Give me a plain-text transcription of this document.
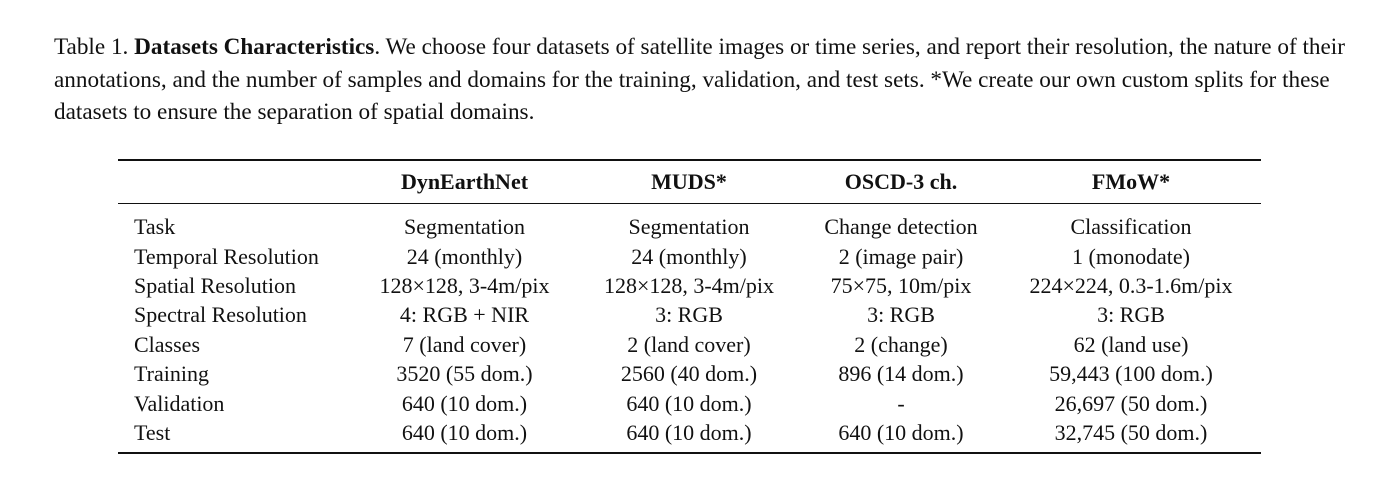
Table 1. Datasets Characteristics. We choose four datasets of satellite images or time series, and report their resolution, the nature of their annotations, and the number of samples and domains for the training, validation, and test sets. *We create our own custom splits for these datasets to ensure the separation of spatial domains.

	DynEarthNet	MUDS*	OSCD-3 ch.	FMoW*
Task	Segmentation	Segmentation	Change detection	Classification
Temporal Resolution	24 (monthly)	24 (monthly)	2 (image pair)	1 (monodate)
Spatial Resolution	128×128, 3-4m/pix	128×128, 3-4m/pix	75×75, 10m/pix	224×224, 0.3-1.6m/pix
Spectral Resolution	4: RGB + NIR	3: RGB	3: RGB	3: RGB
Classes	7 (land cover)	2 (land cover)	2 (change)	62 (land use)
Training	3520 (55 dom.)	2560 (40 dom.)	896 (14 dom.)	59,443 (100 dom.)
Validation	640 (10 dom.)	640 (10 dom.)	-	26,697 (50 dom.)
Test	640 (10 dom.)	640 (10 dom.)	640 (10 dom.)	32,745 (50 dom.)
